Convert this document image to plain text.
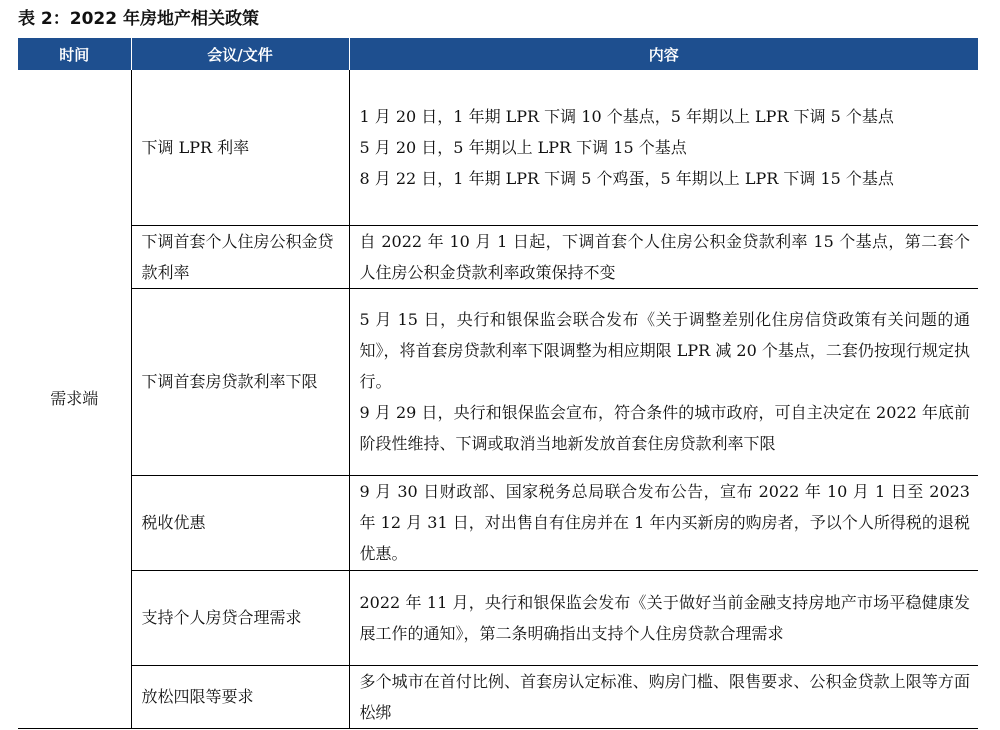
表 2：2022 年房地产相关政策
时间	会议/文件	内容
需求端	下调 LPR 利率	1 月 20 日，1 年期 LPR 下调 10 个基点，5 年期以上 LPR 下调 5 个基点
5 月 20 日，5 年期以上 LPR 下调 15 个基点
8 月 22 日，1 年期 LPR 下调 5 个鸡蛋，5 年期以上 LPR 下调 15 个基点

	下调首套个人住房公积金贷款利率	自 2022 年 10 月 1 日起，下调首套个人住房公积金贷款利率 15 个基点，第二套个人住房公积金贷款利率政策保持不变

	下调首套房贷款利率下限	5 月 15 日，央行和银保监会联合发布《关于调整差别化住房信贷政策有关问题的通知》，将首套房贷款利率下限调整为相应期限 LPR 减 20 个基点，二套仍按现行规定执行。
9 月 29 日，央行和银保监会宣布，符合条件的城市政府，可自主决定在 2022 年底前阶段性维持、下调或取消当地新发放首套住房贷款利率下限

	税收优惠	9 月 30 日财政部、国家税务总局联合发布公告，宣布 2022 年 10 月 1 日至 2023 年 12 月 31 日，对出售自有住房并在 1 年内买新房的购房者，予以个人所得税的退税优惠。

	支持个人房贷合理需求	2022 年 11 月，央行和银保监会发布《关于做好当前金融支持房地产市场平稳健康发展工作的通知》，第二条明确指出支持个人住房贷款合理需求

	放松四限等要求	多个城市在首付比例、首套房认定标准、购房门槛、限售要求、公积金贷款上限等方面松绑
